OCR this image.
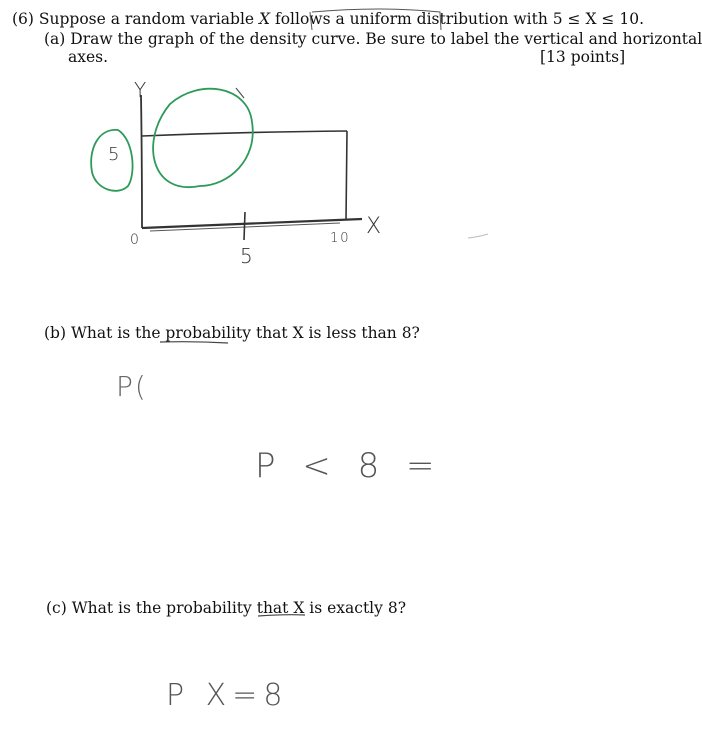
(6) Suppose a random variable X follows a uniform distribution with 5 ≤ X ≤ 10.
(a) Draw the graph of the density curve. Be sure to label the vertical and horizontal
axes.	[13 points]
(b) What is the probability that X is less than 8?
(c) What is the probability that X is exactly 8?
Y
5
0
5
10 X
P(
P < 8 =
P X=8
